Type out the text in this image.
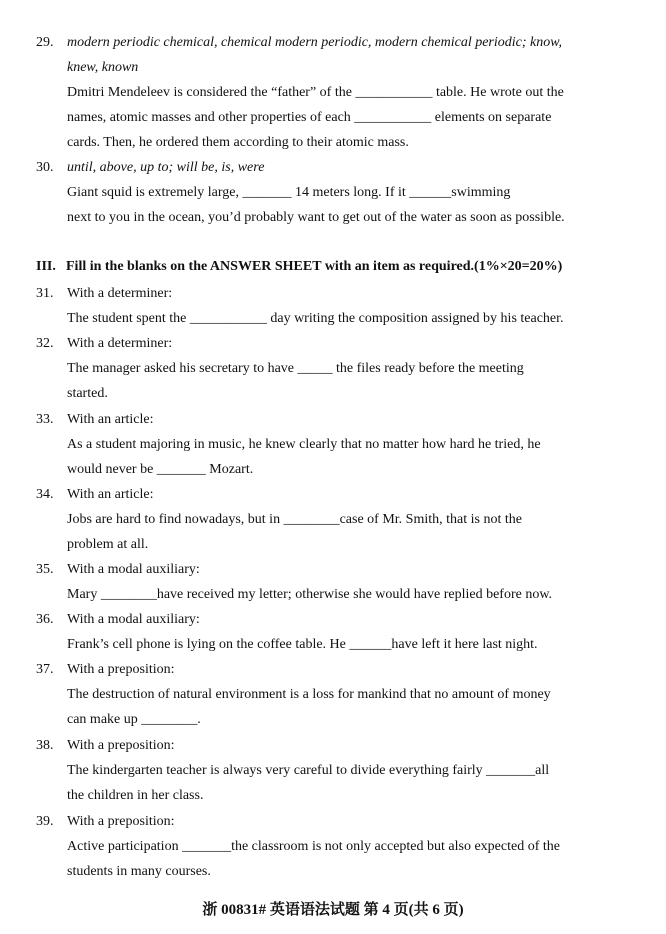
29. modern periodic chemical, chemical modern periodic, modern chemical periodic; know,
knew, known
Dmitri Mendeleev is considered the “father” of the ___________ table. He wrote out the
names, atomic masses and other properties of each ___________ elements on separate
cards. Then, he ordered them according to their atomic mass.
30. until, above, up to; will be, is, were
Giant squid is extremely large, _______ 14 meters long. If it ______swimming
next to you in the ocean, you’d probably want to get out of the water as soon as possible.
III. Fill in the blanks on the ANSWER SHEET with an item as required.(1%×20=20%)
31. With a determiner:
The student spent the ___________ day writing the composition assigned by his teacher.
32. With a determiner:
The manager asked his secretary to have _____ the files ready before the meeting
started.
33. With an article:
As a student majoring in music, he knew clearly that no matter how hard he tried, he
would never be _______ Mozart.
34. With an article:
Jobs are hard to find nowadays, but in ________case of Mr. Smith, that is not the
problem at all.
35. With a modal auxiliary:
Mary ________have received my letter; otherwise she would have replied before now.
36. With a modal auxiliary:
Frank’s cell phone is lying on the coffee table. He ______have left it here last night.
37. With a preposition:
The destruction of natural environment is a loss for mankind that no amount of money
can make up ________.
38. With a preposition:
The kindergarten teacher is always very careful to divide everything fairly _______all
the children in her class.
39. With a preposition:
Active participation _______the classroom is not only accepted but also expected of the
students in many courses.
浙 00831# 英语语法试题 第 4 页(共 6 页)
